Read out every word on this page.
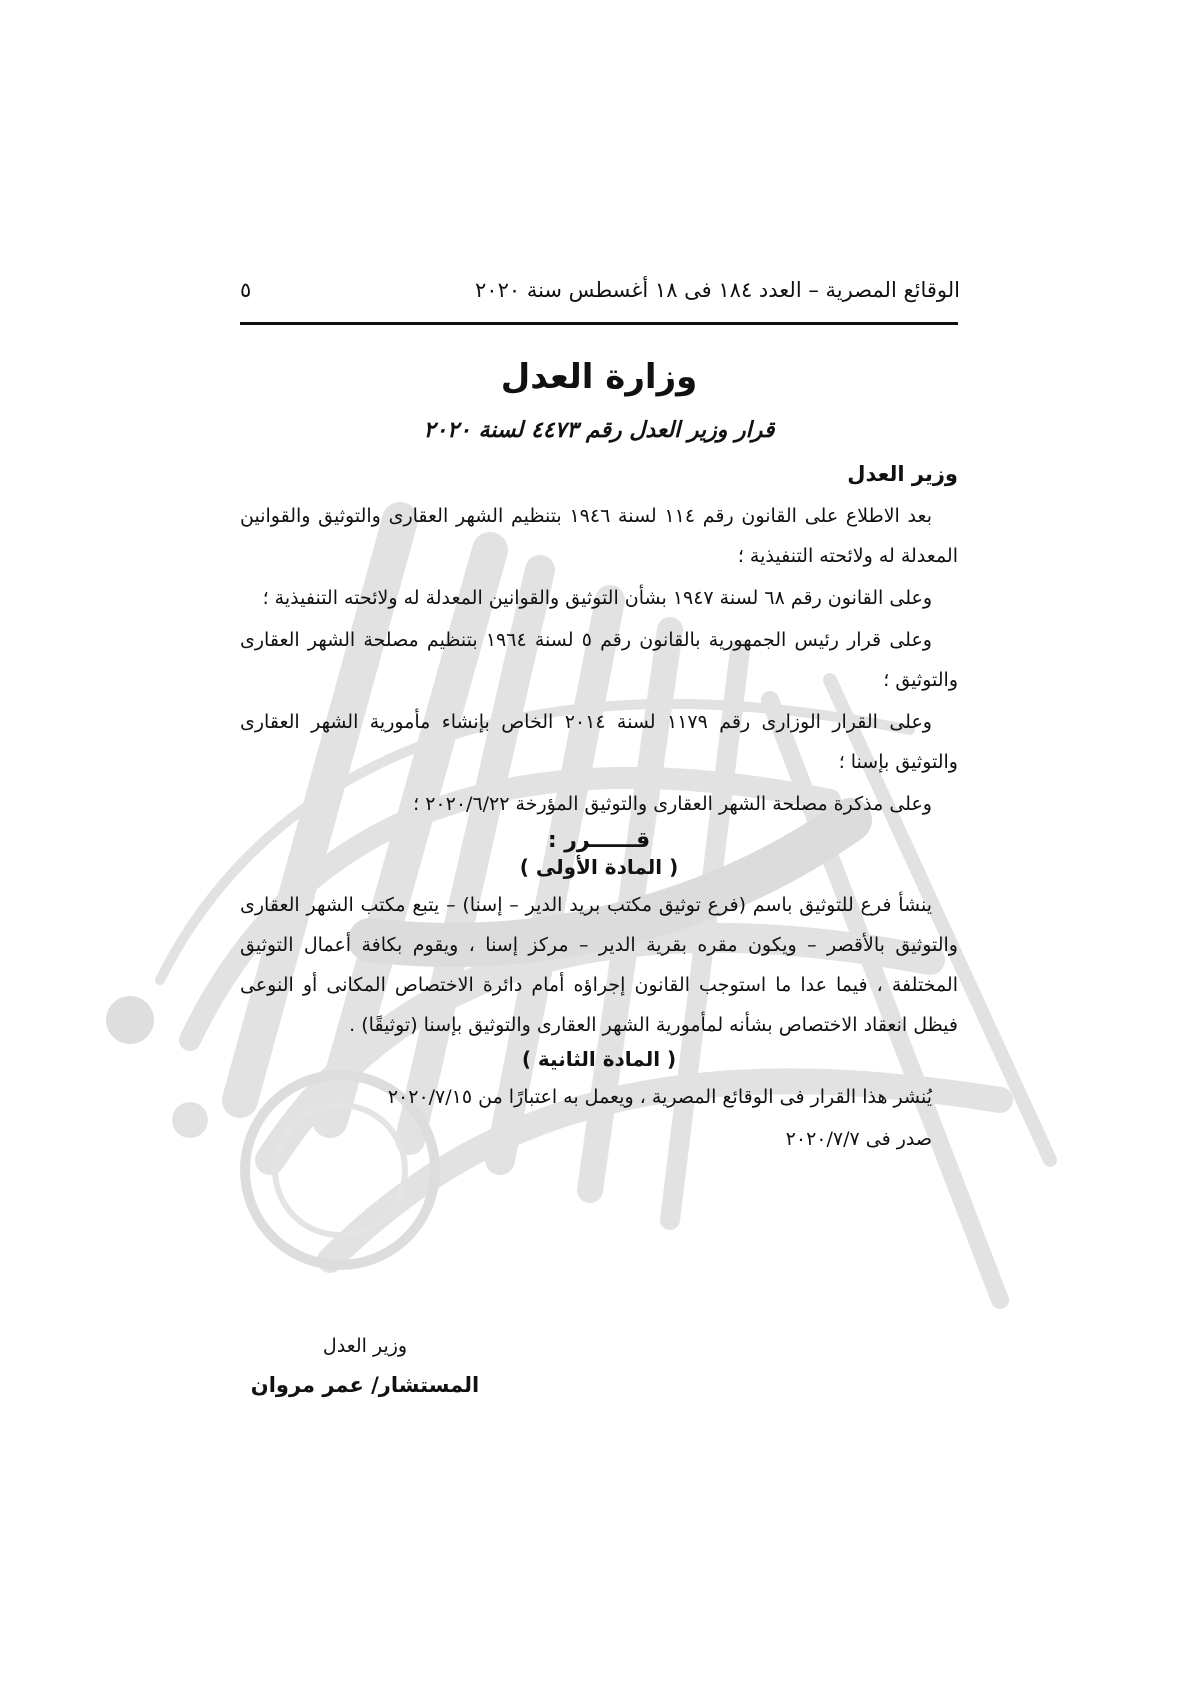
الوقائع المصرية – العدد ١٨٤ فى ١٨ أغسطس سنة ٢٠٢٠
٥
وزارة العدل
قرار وزير العدل رقم ٤٤٧٣ لسنة ٢٠٢٠
وزير العدل

بعد الاطلاع على القانون رقم ١١٤ لسنة ١٩٤٦ بتنظيم الشهر العقارى والتوثيق والقوانين المعدلة له ولائحته التنفيذية ؛

وعلى القانون رقم ٦٨ لسنة ١٩٤٧ بشأن التوثيق والقوانين المعدلة له ولائحته التنفيذية ؛

وعلى قرار رئيس الجمهورية بالقانون رقم ٥ لسنة ١٩٦٤ بتنظيم مصلحة الشهر العقارى والتوثيق ؛

وعلى القرار الوزارى رقم ١١٧٩ لسنة ٢٠١٤ الخاص بإنشاء مأمورية الشهر العقارى والتوثيق بإسنا ؛

وعلى مذكرة مصلحة الشهر العقارى والتوثيق المؤرخة ٢٠٢٠/٦/٢٢ ؛

قــــــرر :
( المادة الأولى )

ينشأ فرع للتوثيق باسم (فرع توثيق مكتب بريد الدير – إسنا) – يتبع مكتب الشهر العقارى والتوثيق بالأقصر – ويكون مقره بقرية الدير – مركز إسنا ، ويقوم بكافة أعمال التوثيق المختلفة ، فيما عدا ما استوجب القانون إجراؤه أمام دائرة الاختصاص المكانى أو النوعى فيظل انعقاد الاختصاص بشأنه لمأمورية الشهر العقارى والتوثيق بإسنا (توثيقًا) .

( المادة الثانية )

يُنشر هذا القرار فى الوقائع المصرية ، ويعمل به اعتبارًا من ٢٠٢٠/٧/١٥

صدر فى ٢٠٢٠/٧/٧

وزير العدل
المستشار/ عمر مروان
